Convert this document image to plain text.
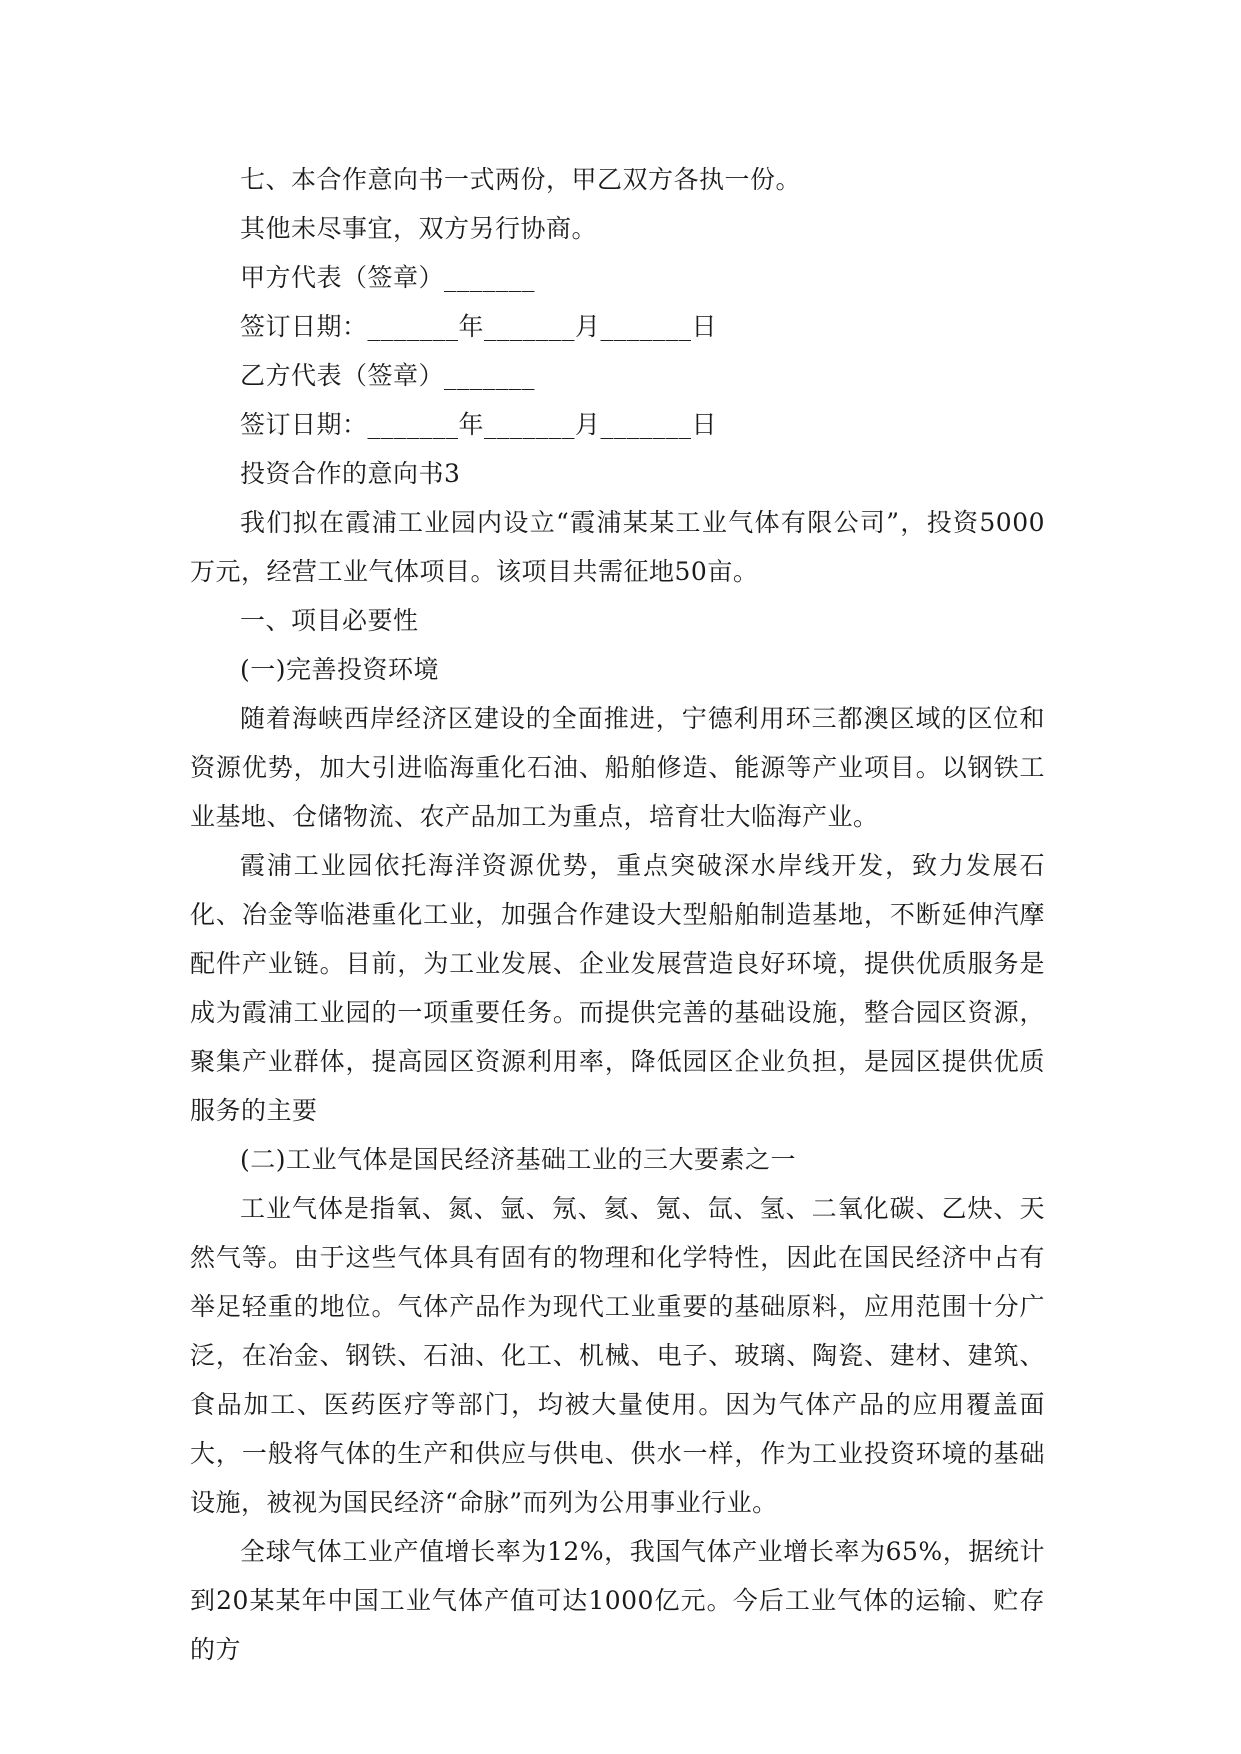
七、本合作意向书一式两份，甲乙双方各执一份。

其他未尽事宜，双方另行协商。

甲方代表（签章）_______

签订日期：_______年_______月_______日

乙方代表（签章）_______

签订日期：_______年_______月_______日

投资合作的意向书3

我们拟在霞浦工业园内设立“霞浦某某工业气体有限公司”，投资5000万元，经营工业气体项目。该项目共需征地50亩。

一、项目必要性

(一)完善投资环境

随着海峡西岸经济区建设的全面推进，宁德利用环三都澳区域的区位和资源优势，加大引进临海重化石油、船舶修造、能源等产业项目。以钢铁工业基地、仓储物流、农产品加工为重点，培育壮大临海产业。

霞浦工业园依托海洋资源优势，重点突破深水岸线开发，致力发展石化、冶金等临港重化工业，加强合作建设大型船舶制造基地，不断延伸汽摩配件产业链。目前，为工业发展、企业发展营造良好环境，提供优质服务是成为霞浦工业园的一项重要任务。而提供完善的基础设施，整合园区资源，聚集产业群体，提高园区资源利用率，降低园区企业负担，是园区提供优质服务的主要

(二)工业气体是国民经济基础工业的三大要素之一

工业气体是指氧、氮、氩、氖、氦、氪、氙、氢、二氧化碳、乙炔、天然气等。由于这些气体具有固有的物理和化学特性，因此在国民经济中占有举足轻重的地位。气体产品作为现代工业重要的基础原料，应用范围十分广泛，在冶金、钢铁、石油、化工、机械、电子、玻璃、陶瓷、建材、建筑、食品加工、医药医疗等部门，均被大量使用。因为气体产品的应用覆盖面大，一般将气体的生产和供应与供电、供水一样，作为工业投资环境的基础设施，被视为国民经济“命脉”而列为公用事业行业。

全球气体工业产值增长率为12%，我国气体产业增长率为65%，据统计到20某某年中国工业气体产值可达1000亿元。今后工业气体的运输、贮存的方
